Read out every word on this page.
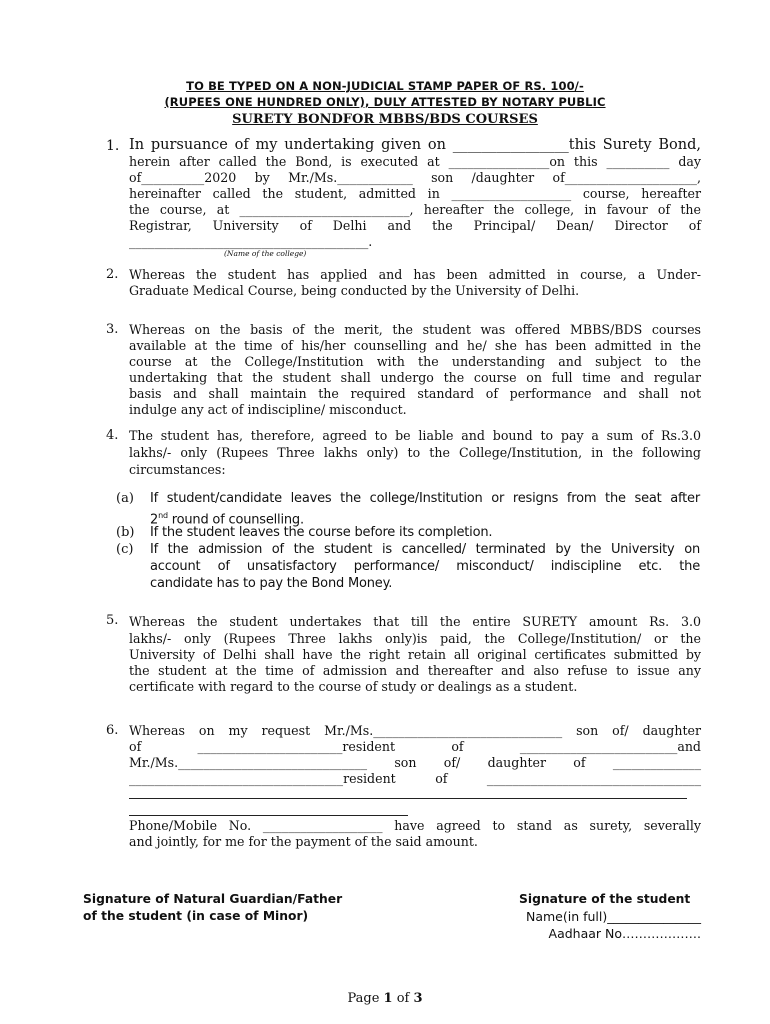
TO BE TYPED ON A NON-JUDICIAL STAMP PAPER OF RS. 100/-
(RUPEES ONE HUNDRED ONLY), DULY ATTESTED BY NOTARY PUBLIC
SURETY BONDFOR MBBS/BDS COURSES
1. In pursuance of my undertaking given on ________________this Surety Bond,
herein after called the Bond, is executed at ________________on this __________ day
of__________2020 by Mr./Ms.____________ son /daughter of_____________________,
hereinafter called the student, admitted in ___________________ course, hereafter
the course, at ___________________________, hereafter the college, in favour of the
Registrar, University of Delhi and the Principal/ Dean/ Director of
______________________________________.
(Name of the college)
2. Whereas the student has applied and has been admitted in course, a Under-
Graduate Medical Course, being conducted by the University of Delhi.
3. Whereas on the basis of the merit, the student was offered MBBS/BDS courses
available at the time of his/her counselling and he/ she has been admitted in the
course at the College/Institution with the understanding and subject to the
undertaking that the student shall undergo the course on full time and regular
basis and shall maintain the required standard of performance and shall not
indulge any act of indiscipline/ misconduct.
4. The student has, therefore, agreed to be liable and bound to pay a sum of Rs.3.0
lakhs/- only (Rupees Three lakhs only) to the College/Institution, in the following
circumstances:
(a) If student/candidate leaves the college/Institution or resigns from the seat after
2nd round of counselling.
(b) If the student leaves the course before its completion.
(c) If the admission of the student is cancelled/ terminated by the University on
account of unsatisfactory performance/ misconduct/ indiscipline etc. the
candidate has to pay the Bond Money.
5. Whereas the student undertakes that till the entire SURETY amount Rs. 3.0
lakhs/- only (Rupees Three lakhs only)is paid, the College/Institution/ or the
University of Delhi shall have the right retain all original certificates submitted by
the student at the time of admission and thereafter and also refuse to issue any
certificate with regard to the course of study or dealings as a student.
6. Whereas on my request Mr./Ms.______________________________ son of/ daughter
of _______________________resident of _________________________and
Mr./Ms.______________________________ son of/ daughter of ______________
__________________________________resident of __________________________________
Phone/Mobile No. ___________________ have agreed to stand as surety, severally
and jointly, for me for the payment of the said amount.
Signature of Natural Guardian/Father
of the student (in case of Minor)
Signature of the student
Name(in full)_______________
Aadhaar No……………….
Page 1 of 3
